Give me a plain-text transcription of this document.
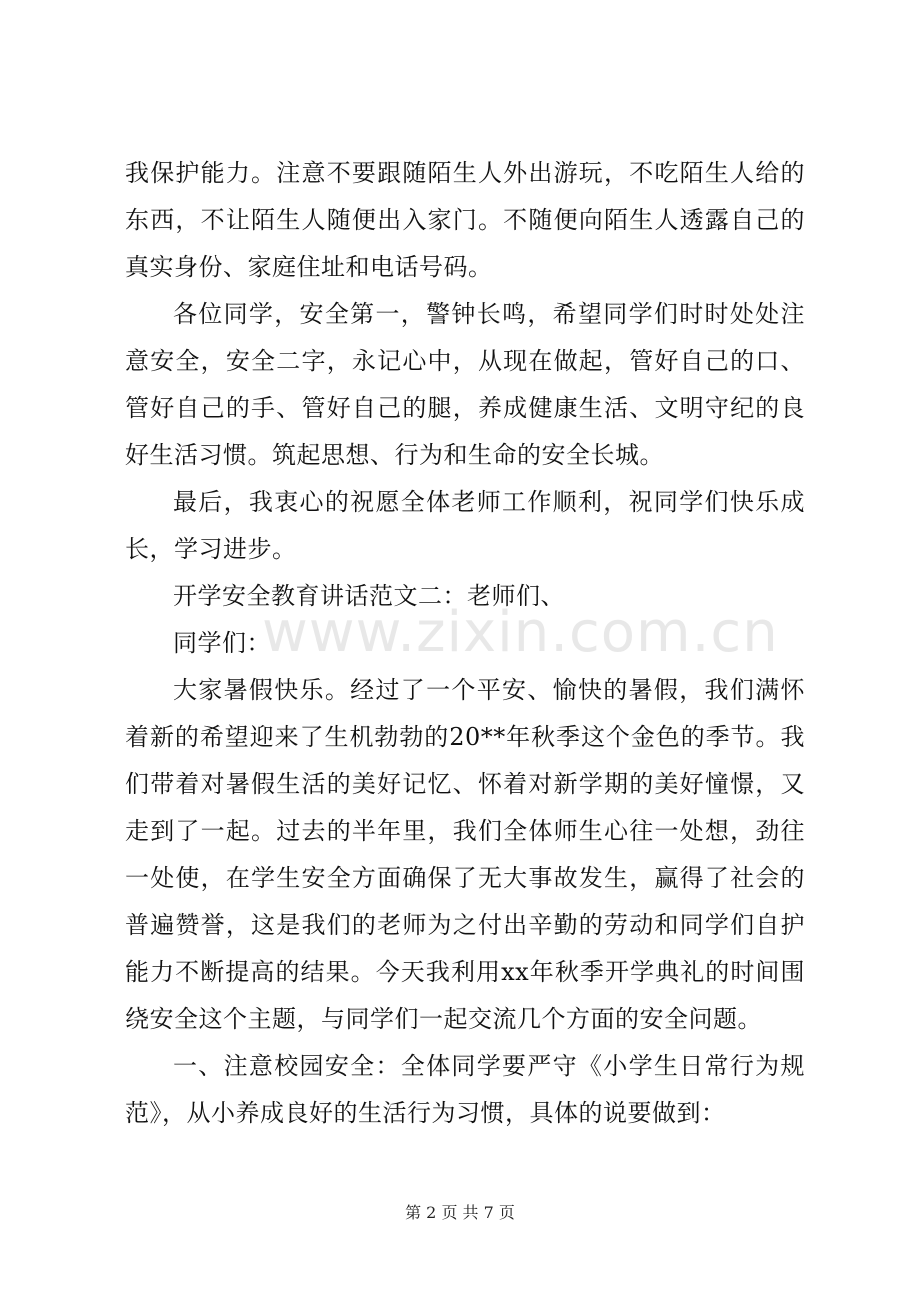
我保护能力。注意不要跟随陌生人外出游玩，不吃陌生人给的东西，不让陌生人随便出入家门。不随便向陌生人透露自己的真实身份、家庭住址和电话号码。

各位同学，安全第一，警钟长鸣，希望同学们时时处处注意安全，安全二字，永记心中，从现在做起，管好自己的口、管好自己的手、管好自己的腿，养成健康生活、文明守纪的良好生活习惯。筑起思想、行为和生命的安全长城。

最后，我衷心的祝愿全体老师工作顺利，祝同学们快乐成长，学习进步。

开学安全教育讲话范文二：老师们、

同学们：

大家暑假快乐。经过了一个平安、愉快的暑假，我们满怀着新的希望迎来了生机勃勃的20**年秋季这个金色的季节。我们带着对暑假生活的美好记忆、怀着对新学期的美好憧憬，又走到了一起。过去的半年里，我们全体师生心往一处想，劲往一处使，在学生安全方面确保了无大事故发生，赢得了社会的普遍赞誉，这是我们的老师为之付出辛勤的劳动和同学们自护能力不断提高的结果。今天我利用xx年秋季开学典礼的时间围绕安全这个主题，与同学们一起交流几个方面的安全问题。

一、注意校园安全：全体同学要严守《小学生日常行为规范》，从小养成良好的生活行为习惯，具体的说要做到：

www.zixin.com.cn
第 2 页 共 7 页
